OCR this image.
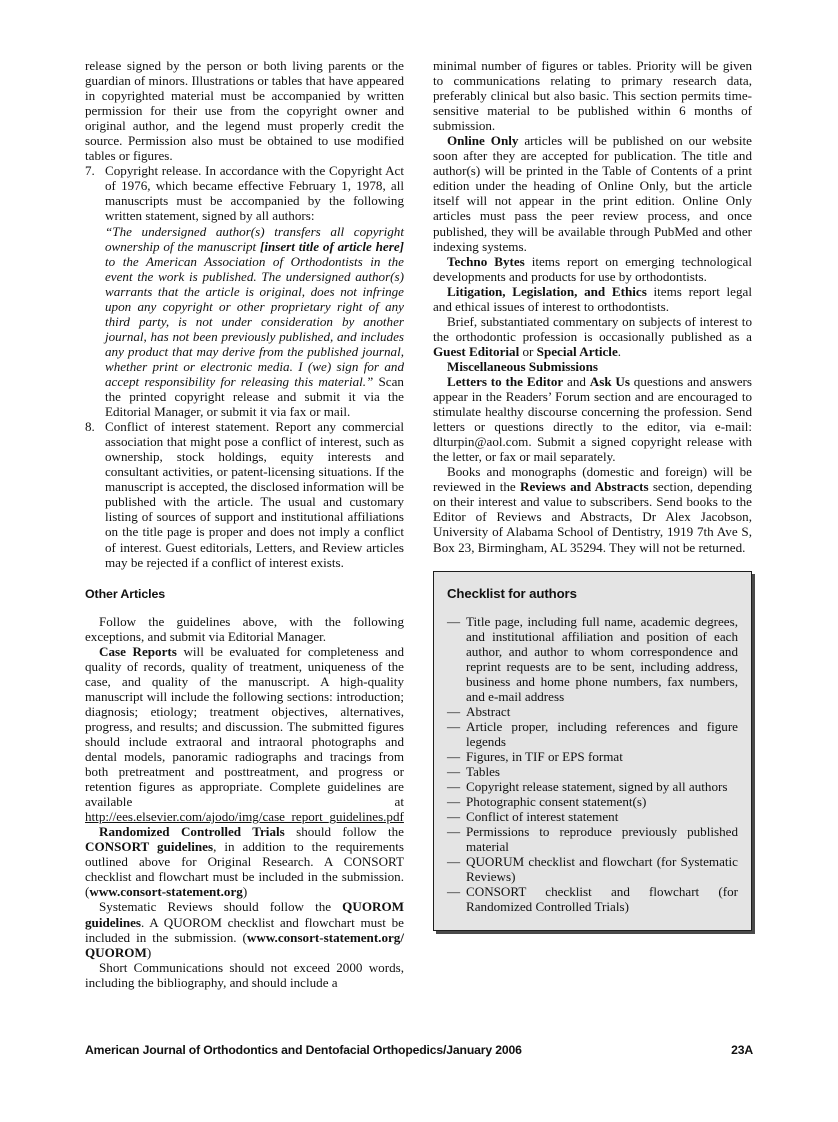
release signed by the person or both living parents or the guardian of minors. Illustrations or tables that have appeared in copyrighted material must be accompanied by written permission for their use from the copyright owner and original author, and the legend must properly credit the source. Permission also must be obtained to use modified tables or figures.

7. Copyright release. In accordance with the Copyright Act of 1976, which became effective February 1, 1978, all manuscripts must be accompanied by the following written statement, signed by all authors:

“The undersigned author(s) transfers all copyright ownership of the manuscript [insert title of article here] to the American Association of Orthodontists in the event the work is published. The undersigned author(s) warrants that the article is original, does not infringe upon any copyright or other proprietary right of any third party, is not under consideration by another journal, has not been previously published, and includes any product that may derive from the published journal, whether print or electronic media. I (we) sign for and accept responsibility for releasing this material.” Scan the printed copyright release and submit it via the Editorial Manager, or submit it via fax or mail.

8. Conflict of interest statement. Report any commercial association that might pose a conflict of interest, such as ownership, stock holdings, equity interests and consultant activities, or patent-licensing situations. If the manuscript is accepted, the disclosed information will be published with the article. The usual and customary listing of sources of support and institutional affiliations on the title page is proper and does not imply a conflict of interest. Guest editorials, Letters, and Review articles may be rejected if a conflict of interest exists.

Other Articles

Follow the guidelines above, with the following exceptions, and submit via Editorial Manager.

Case Reports will be evaluated for completeness and quality of records, quality of treatment, uniqueness of the case, and quality of the manuscript. A high-quality manuscript will include the following sections: introduction; diagnosis; etiology; treatment objectives, alternatives, progress, and results; and discussion. The submitted figures should include extraoral and intraoral photographs and dental models, panoramic radiographs and tracings from both pretreatment and posttreatment, and progress or retention figures as appropriate. Complete guidelines are available at http://ees.elsevier.com/ajodo/img/case_report_guidelines.pdf

Randomized Controlled Trials should follow the CONSORT guidelines, in addition to the requirements outlined above for Original Research. A CONSORT checklist and flowchart must be included in the submission. (www.consort-statement.org)

Systematic Reviews should follow the QUOROM guidelines. A QUOROM checklist and flowchart must be included in the submission. (www.consort-statement.org/ QUOROM)

Short Communications should not exceed 2000 words, including the bibliography, and should include a

minimal number of figures or tables. Priority will be given to communications relating to primary research data, preferably clinical but also basic. This section permits time-sensitive material to be published within 6 months of submission.

Online Only articles will be published on our website soon after they are accepted for publication. The title and author(s) will be printed in the Table of Contents of a print edition under the heading of Online Only, but the article itself will not appear in the print edition. Online Only articles must pass the peer review process, and once published, they will be available through PubMed and other indexing systems.

Techno Bytes items report on emerging technological developments and products for use by orthodontists.

Litigation, Legislation, and Ethics items report legal and ethical issues of interest to orthodontists.

Brief, substantiated commentary on subjects of interest to the orthodontic profession is occasionally published as a Guest Editorial or Special Article.

Miscellaneous Submissions

Letters to the Editor and Ask Us questions and answers appear in the Readers’ Forum section and are encouraged to stimulate healthy discourse concerning the profession. Send letters or questions directly to the editor, via e-mail: dlturpin@aol.com. Submit a signed copyright release with the letter, or fax or mail separately.

Books and monographs (domestic and foreign) will be reviewed in the Reviews and Abstracts section, depending on their interest and value to subscribers. Send books to the Editor of Reviews and Abstracts, Dr Alex Jacobson, University of Alabama School of Dentistry, 1919 7th Ave S, Box 23, Birmingham, AL 35294. They will not be returned.

Checklist for authors
— Title page, including full name, academic degrees, and institutional affiliation and position of each author, and author to whom correspondence and reprint requests are to be sent, including address, business and home phone numbers, fax numbers, and e-mail address
— Abstract
— Article proper, including references and figure legends
— Figures, in TIF or EPS format
— Tables
— Copyright release statement, signed by all authors
— Photographic consent statement(s)
— Conflict of interest statement
— Permissions to reproduce previously published material
— QUORUM checklist and flowchart (for Systematic Reviews)
— CONSORT checklist and flowchart (for Randomized Controlled Trials)
American Journal of Orthodontics and Dentofacial Orthopedics/January 2006	23A
